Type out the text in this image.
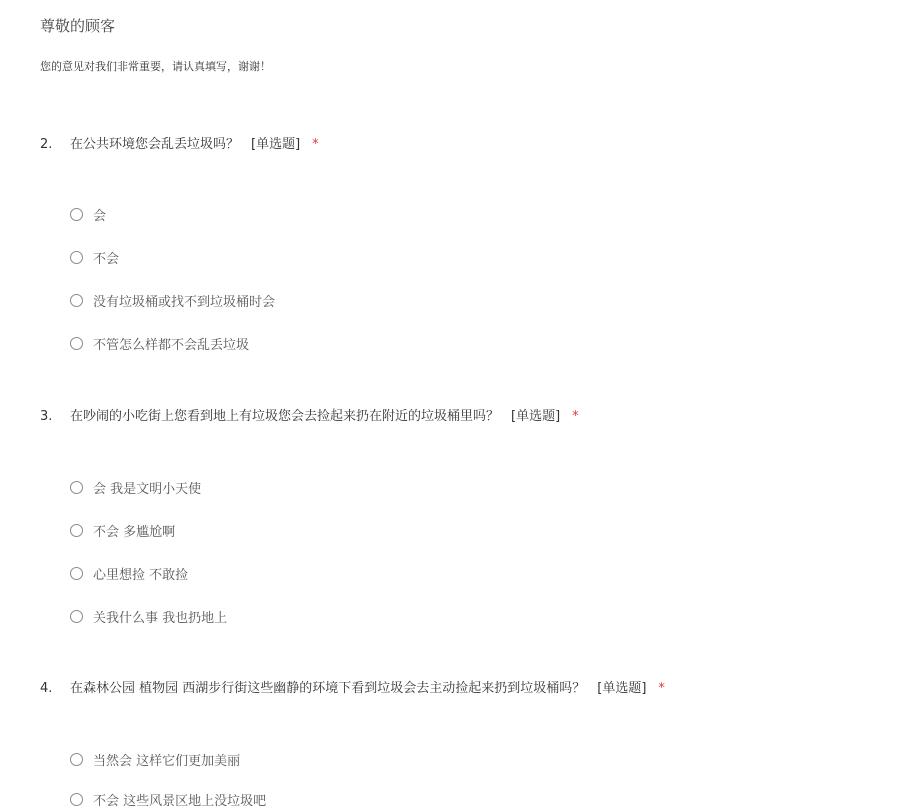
尊敬的顾客

您的意见对我们非常重要，请认真填写，谢谢！

2. 在公共环境您会乱丢垃圾吗？ [单选题] *
会
不会
没有垃圾桶或找不到垃圾桶时会
不管怎么样都不会乱丢垃圾
3. 在吵闹的小吃街上您看到地上有垃圾您会去捡起来扔在附近的垃圾桶里吗？ [单选题] *
会 我是文明小天使
不会 多尴尬啊
心里想捡 不敢捡
关我什么事 我也扔地上
4. 在森林公园 植物园 西湖步行街这些幽静的环境下看到垃圾会去主动捡起来扔到垃圾桶吗？ [单选题] *
当然会 这样它们更加美丽
不会 这些风景区地上没垃圾吧
